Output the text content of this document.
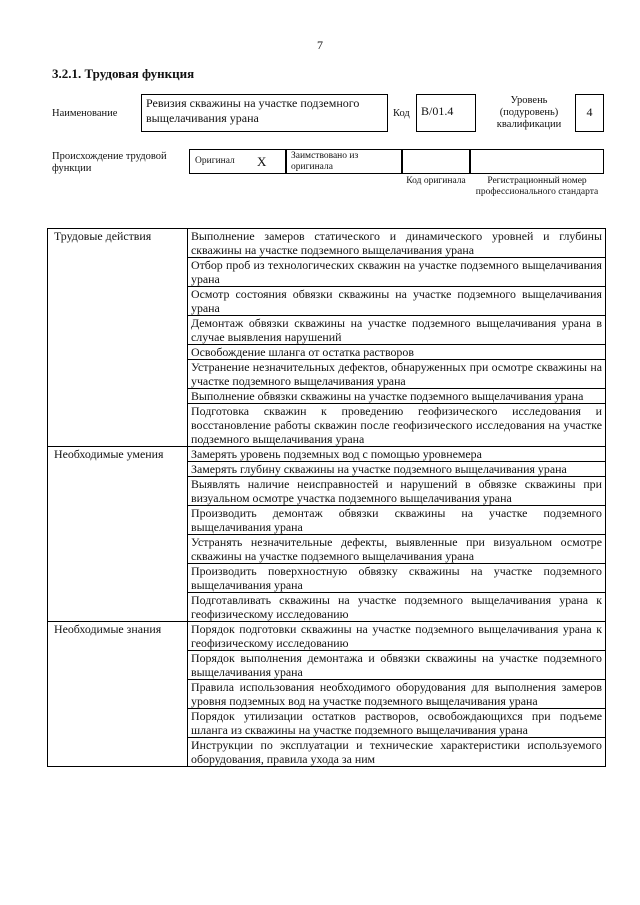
7
3.2.1. Трудовая функция
Наименование
Ревизия скважины на участке подземного выщелачивания урана	Код B/01.4
Уровень (подуровень) квалификации
4
Происхождение трудовой функции
Оригинал X	Заимствовано из оригинала
Код оригинала	Регистрационный номер профессионального стандарта
Трудовые действия	Выполнение замеров статического и динамического уровней и глубины скважины на участке подземного выщелачивания урана
	Отбор проб из технологических скважин на участке подземного выщелачивания урана
	Осмотр состояния обвязки скважины на участке подземного выщелачивания урана
	Демонтаж обвязки скважины на участке подземного выщелачивания урана в случае выявления нарушений
	Освобождение шланга от остатка растворов
	Устранение незначительных дефектов, обнаруженных при осмотре скважины на участке подземного выщелачивания урана
	Выполнение обвязки скважины на участке подземного выщелачивания урана
	Подготовка скважин к проведению геофизического исследования и восстановление работы скважин после геофизического исследования на участке подземного выщелачивания урана
Необходимые умения	Замерять уровень подземных вод с помощью уровнемера
	Замерять глубину скважины на участке подземного выщелачивания урана
	Выявлять наличие неисправностей и нарушений в обвязке скважины при визуальном осмотре участка подземного выщелачивания урана
	Производить демонтаж обвязки скважины на участке подземного выщелачивания урана
	Устранять незначительные дефекты, выявленные при визуальном осмотре скважины на участке подземного выщелачивания урана
	Производить поверхностную обвязку скважины на участке подземного выщелачивания урана
	Подготавливать скважины на участке подземного выщелачивания урана к геофизическому исследованию
Необходимые знания	Порядок подготовки скважины на участке подземного выщелачивания урана к геофизическому исследованию
	Порядок выполнения демонтажа и обвязки скважины на участке подземного выщелачивания урана
	Правила использования необходимого оборудования для выполнения замеров уровня подземных вод на участке подземного выщелачивания урана
	Порядок утилизации остатков растворов, освобождающихся при подъеме шланга из скважины на участке подземного выщелачивания урана
	Инструкции по эксплуатации и технические характеристики используемого оборудования, правила ухода за ним
